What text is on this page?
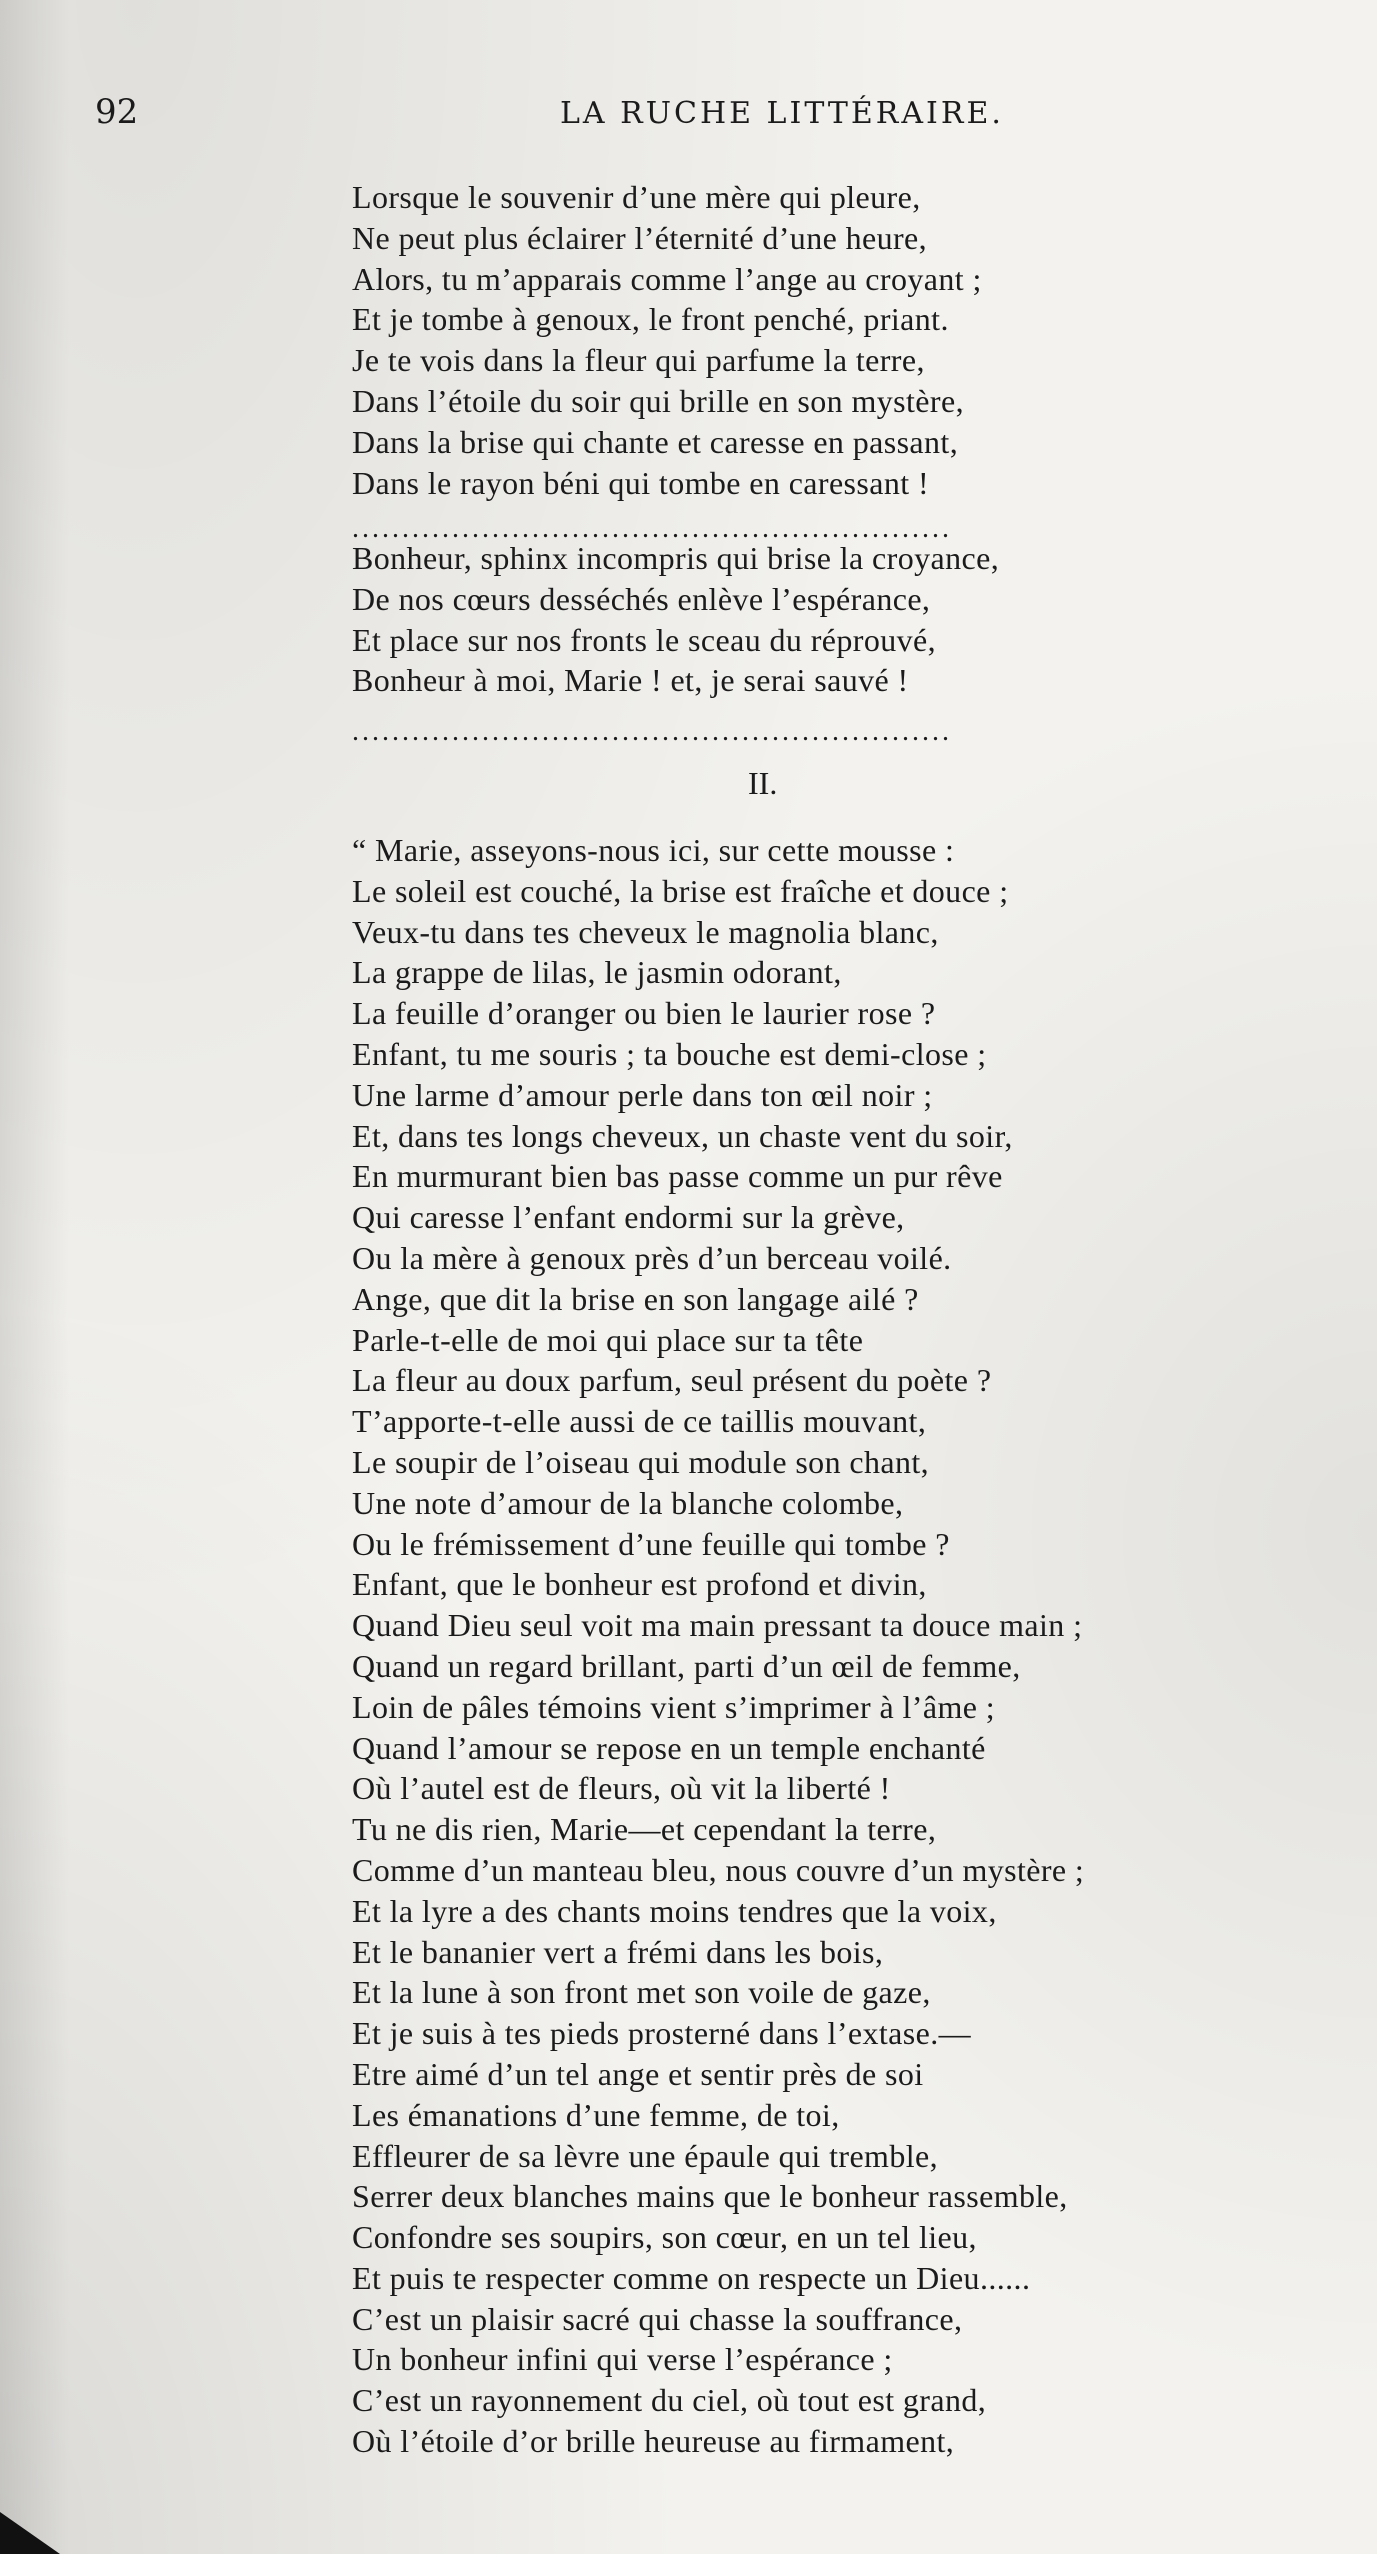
92	LA RUCHE LITTÉRAIRE.
Lorsque le souvenir d’une mère qui pleure,
Ne peut plus éclairer l’éternité d’une heure,
Alors, tu m’apparais comme l’ange au croyant ;
Et je tombe à genoux, le front penché, priant.
Je te vois dans la fleur qui parfume la terre,
Dans l’étoile du soir qui brille en son mystère,
Dans la brise qui chante et caresse en passant,
Dans le rayon béni qui tombe en caressant !
............................................................
Bonheur, sphinx incompris qui brise la croyance,
De nos cœurs desséchés enlève l’espérance,
Et place sur nos fronts le sceau du réprouvé,
Bonheur à moi, Marie ! et, je serai sauvé !
............................................................
II.
“ Marie, asseyons-nous ici, sur cette mousse :
Le soleil est couché, la brise est fraîche et douce ;
Veux-tu dans tes cheveux le magnolia blanc,
La grappe de lilas, le jasmin odorant,
La feuille d’oranger ou bien le laurier rose ?
Enfant, tu me souris ; ta bouche est demi-close ;
Une larme d’amour perle dans ton œil noir ;
Et, dans tes longs cheveux, un chaste vent du soir,
En murmurant bien bas passe comme un pur rêve
Qui caresse l’enfant endormi sur la grève,
Ou la mère à genoux près d’un berceau voilé.
Ange, que dit la brise en son langage ailé ?
Parle-t-elle de moi qui place sur ta tête
La fleur au doux parfum, seul présent du poète ?
T’apporte-t-elle aussi de ce taillis mouvant,
Le soupir de l’oiseau qui module son chant,
Une note d’amour de la blanche colombe,
Ou le frémissement d’une feuille qui tombe ?
Enfant, que le bonheur est profond et divin,
Quand Dieu seul voit ma main pressant ta douce main ;
Quand un regard brillant, parti d’un œil de femme,
Loin de pâles témoins vient s’imprimer à l’âme ;
Quand l’amour se repose en un temple enchanté
Où l’autel est de fleurs, où vit la liberté !
Tu ne dis rien, Marie—et cependant la terre,
Comme d’un manteau bleu, nous couvre d’un mystère ;
Et la lyre a des chants moins tendres que la voix,
Et le bananier vert a frémi dans les bois,
Et la lune à son front met son voile de gaze,
Et je suis à tes pieds prosterné dans l’extase.—
Etre aimé d’un tel ange et sentir près de soi
Les émanations d’une femme, de toi,
Effleurer de sa lèvre une épaule qui tremble,
Serrer deux blanches mains que le bonheur rassemble,
Confondre ses soupirs, son cœur, en un tel lieu,
Et puis te respecter comme on respecte un Dieu......
C’est un plaisir sacré qui chasse la souffrance,
Un bonheur infini qui verse l’espérance ;
C’est un rayonnement du ciel, où tout est grand,
Où l’étoile d’or brille heureuse au firmament,
